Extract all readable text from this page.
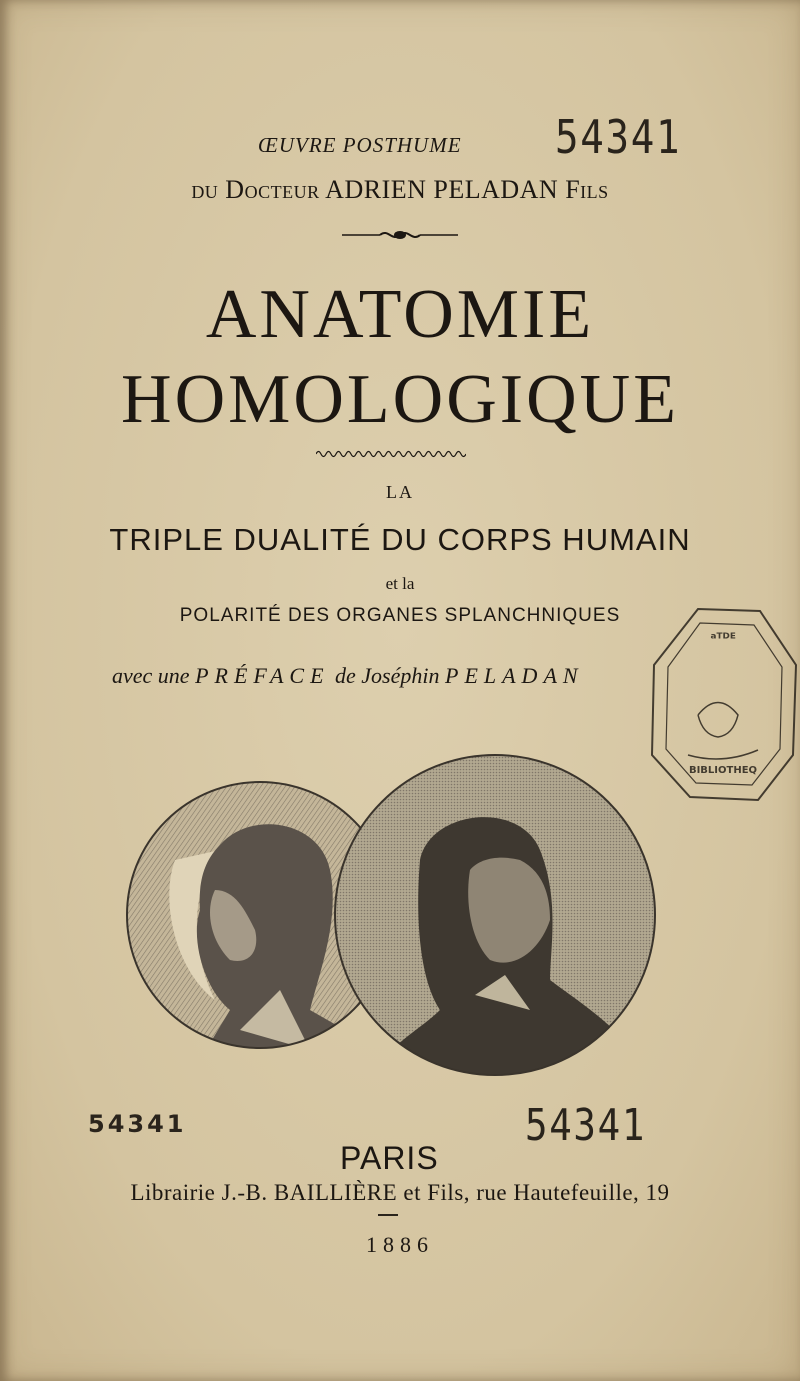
ŒUVRE POSTHUME 54341
du Docteur ADRIEN PELADAN Fils
ANATOMIE
HOMOLOGIQUE
LA
TRIPLE DUALITÉ DU CORPS HUMAIN
et la
POLARITÉ DES ORGANES SPLANCHNIQUES
avec une PRÉFACE de Joséphin PELADAN
ᵃᵀᴰᴱ
BIBLIOTHEQ
54341	54341
PARIS
Librairie J.-B. BAILLIÈRE et Fils, rue Hautefeuille, 19
1886
